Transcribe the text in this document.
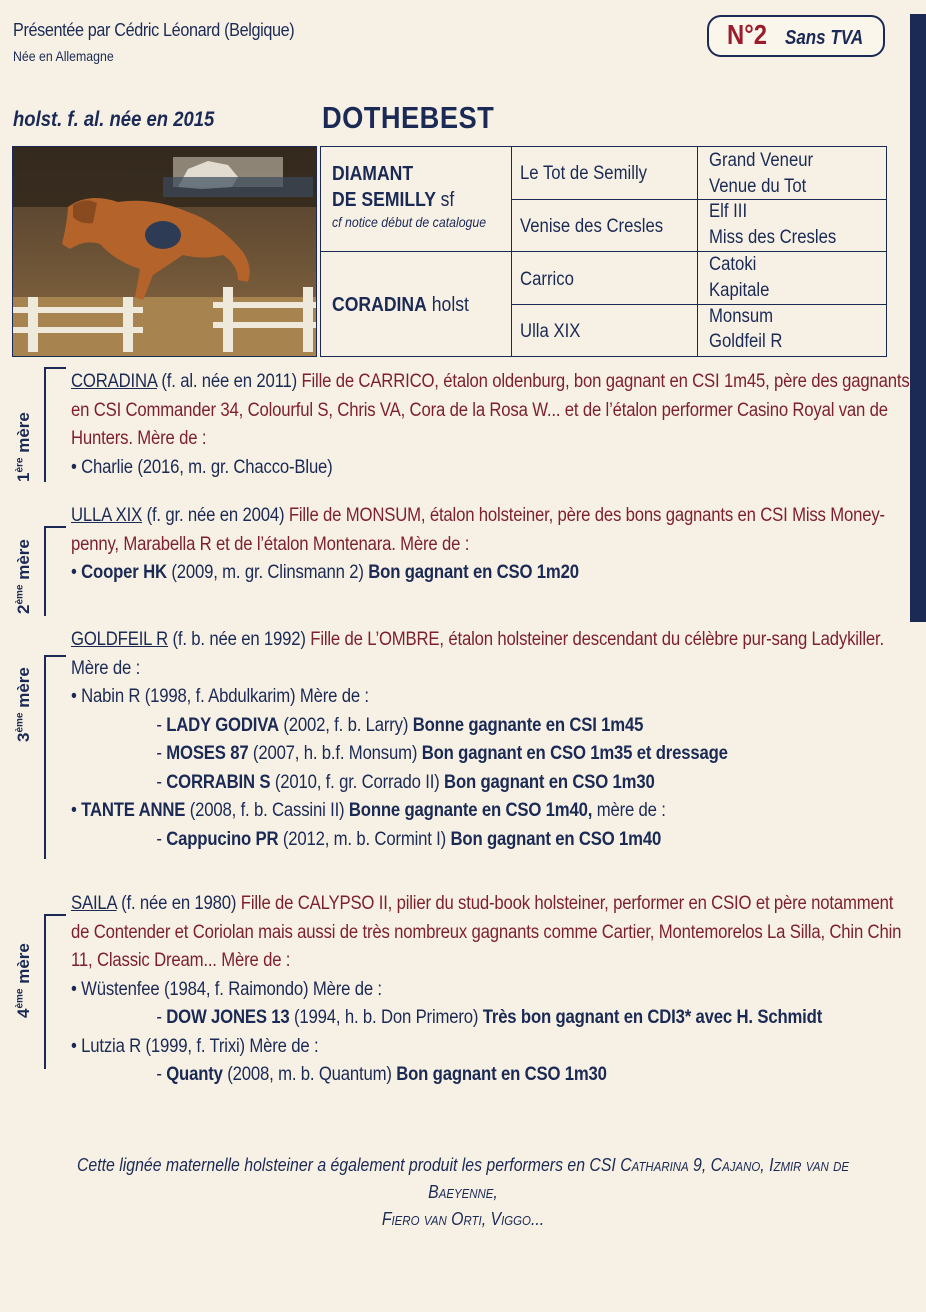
Présentée par Cédric Léonard (Belgique)
Née en Allemagne
N°2 Sans TVA
holst. f. al. née en 2015	DOTHEBEST
DIAMANT
DE SEMILLY sf
cf notice début de catalogue
CORADINA holst
Le Tot de Semilly
Venise des Cresles
Carrico
Ulla XIX
Grand Veneur
Venue du Tot
Elf III
Miss des Cresles
Catoki
Kapitale
Monsum
Goldfeil R
1ère mère
2ème mère
3ème mère
4ème mère
CORADINA (f. al. née en 2011) Fille de CARRICO, étalon oldenburg, bon gagnant en CSI 1m45, père des gagnants
en CSI Commander 34, Colourful S, Chris VA, Cora de la Rosa W... et de l’étalon performer Casino Royal van de
Hunters. Mère de :
• Charlie (2016, m. gr. Chacco-Blue)
ULLA XIX (f. gr. née en 2004) Fille de MONSUM, étalon holsteiner, père des bons gagnants en CSI Miss Money-
penny, Marabella R et de l’étalon Montenara. Mère de :
• Cooper HK (2009, m. gr. Clinsmann 2) Bon gagnant en CSO 1m20
GOLDFEIL R (f. b. née en 1992) Fille de L’OMBRE, étalon holsteiner descendant du célèbre pur-sang Ladykiller.
Mère de :
• Nabin R (1998, f. Abdulkarim) Mère de :
- LADY GODIVA (2002, f. b. Larry) Bonne gagnante en CSI 1m45
- MOSES 87 (2007, h. b.f. Monsum) Bon gagnant en CSO 1m35 et dressage
- CORRABIN S (2010, f. gr. Corrado II) Bon gagnant en CSO 1m30
• TANTE ANNE (2008, f. b. Cassini II) Bonne gagnante en CSO 1m40, mère de :
- Cappucino PR (2012, m. b. Cormint I) Bon gagnant en CSO 1m40
SAILA (f. née en 1980) Fille de CALYPSO II, pilier du stud-book holsteiner, performer en CSIO et père notamment
de Contender et Coriolan mais aussi de très nombreux gagnants comme Cartier, Montemorelos La Silla, Chin Chin
11, Classic Dream... Mère de :
• Wüstenfee (1984, f. Raimondo) Mère de :
- DOW JONES 13 (1994, h. b. Don Primero) Très bon gagnant en CDI3* avec H. Schmidt
• Lutzia R (1999, f. Trixi) Mère de :
- Quanty (2008, m. b. Quantum) Bon gagnant en CSO 1m30
Cette lignée maternelle holsteiner a également produit les performers en CSI Catharina 9, Cajano, Izmir van de Baeyenne,
Fiero van Orti, Viggo...
